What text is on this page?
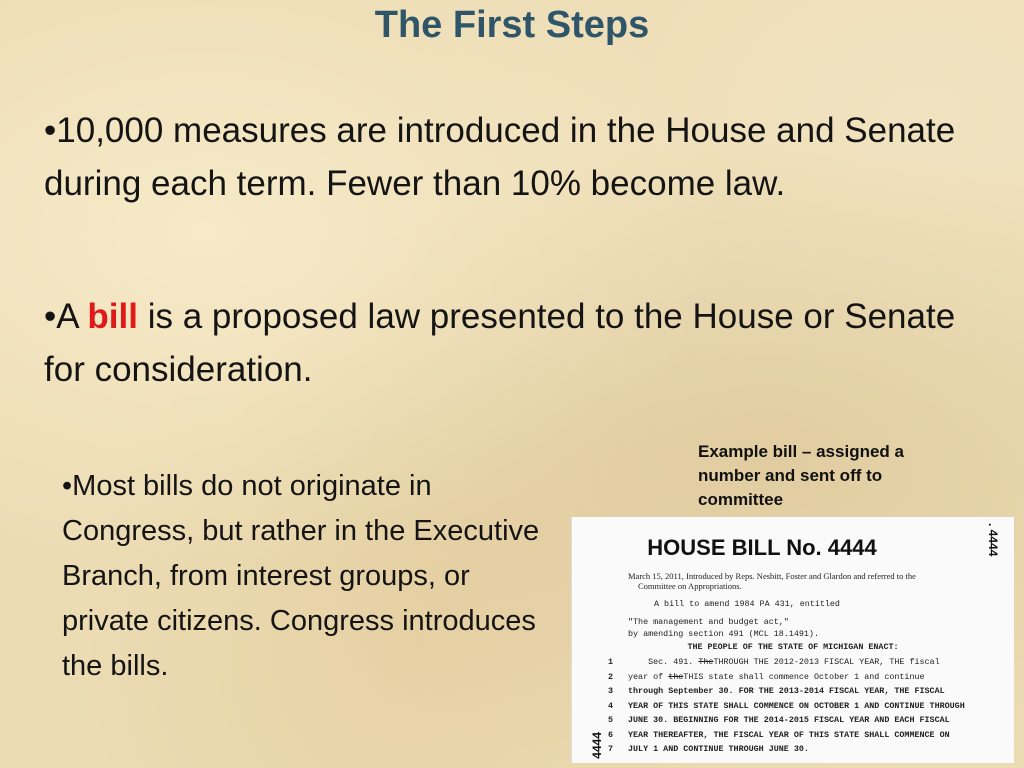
The First Steps
•10,000 measures are introduced in the House and Senate during each term. Fewer than 10% become law.
•A bill is a proposed law presented to the House or Senate for consideration.
•Most bills do not originate in Congress, but rather in the Executive Branch, from interest groups, or private citizens. Congress introduces the bills.
Example bill – assigned a number and sent off to committee
. 4444
HOUSE BILL No. 4444
March 15, 2011, Introduced by Reps. Nesbitt, Foster and Glardon and referred to the
Committee on Appropriations.
A bill to amend 1984 PA 431, entitled
"The management and budget act,"
by amending section 491 (MCL 18.1491).
THE PEOPLE OF THE STATE OF MICHIGAN ENACT:
1    Sec. 491. TheTHROUGH THE 2012-2013 FISCAL YEAR, THE fiscal
2 year of theTHIS state shall commence October 1 and continue
3 through September 30. FOR THE 2013-2014 FISCAL YEAR, THE FISCAL
4 YEAR OF THIS STATE SHALL COMMENCE ON OCTOBER 1 AND CONTINUE THROUGH
5 JUNE 30. BEGINNING FOR THE 2014-2015 FISCAL YEAR AND EACH FISCAL
6 YEAR THEREAFTER, THE FISCAL YEAR OF THIS STATE SHALL COMMENCE ON
7 JULY 1 AND CONTINUE THROUGH JUNE 30.
4444
